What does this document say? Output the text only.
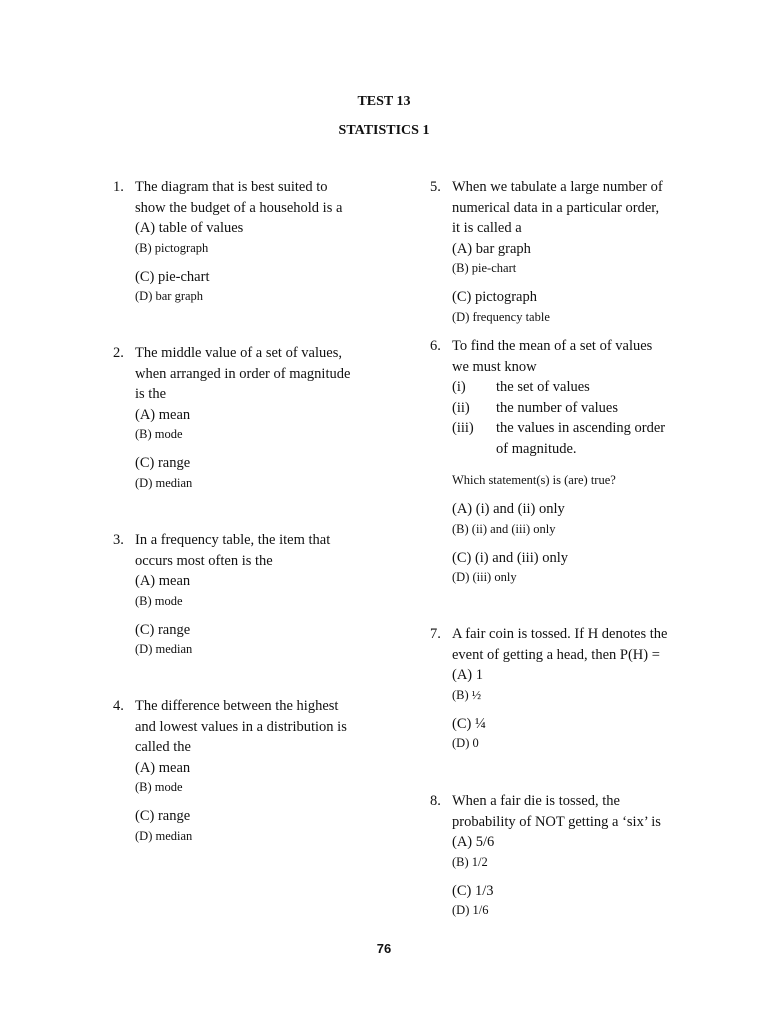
TEST 13
STATISTICS 1
1. The diagram that is best suited to
show the budget of a household is a
(A) table of values
(B) pictograph
(C) pie-chart
(D) bar graph
2. The middle value of a set of values,
when arranged in order of magnitude
is the
(A) mean
(B) mode
(C) range
(D) median
3. In a frequency table, the item that
occurs most often is the
(A) mean
(B) mode
(C) range
(D) median
4. The difference between the highest
and lowest values in a distribution is
called the
(A) mean
(B) mode
(C) range
(D) median
5. When we tabulate a large number of
numerical data in a particular order,
it is called a
(A) bar graph
(B) pie-chart
(C) pictograph
(D) frequency table
6. To find the mean of a set of values
we must know
(i)	the set of values
(ii)	the number of values
(iii)	the values in ascending order
of magnitude.
Which statement(s) is (are) true?
(A) (i) and (ii) only
(B) (ii) and (iii) only
(C) (i) and (iii) only
(D) (iii) only
7. A fair coin is tossed. If H denotes the
event of getting a head, then P(H) =
(A) 1
(B) ½
(C) ¼
(D) 0
8. When a fair die is tossed, the
probability of NOT getting a ‘six’ is
(A) 5/6
(B) 1/2
(C) 1/3
(D) 1/6
76
